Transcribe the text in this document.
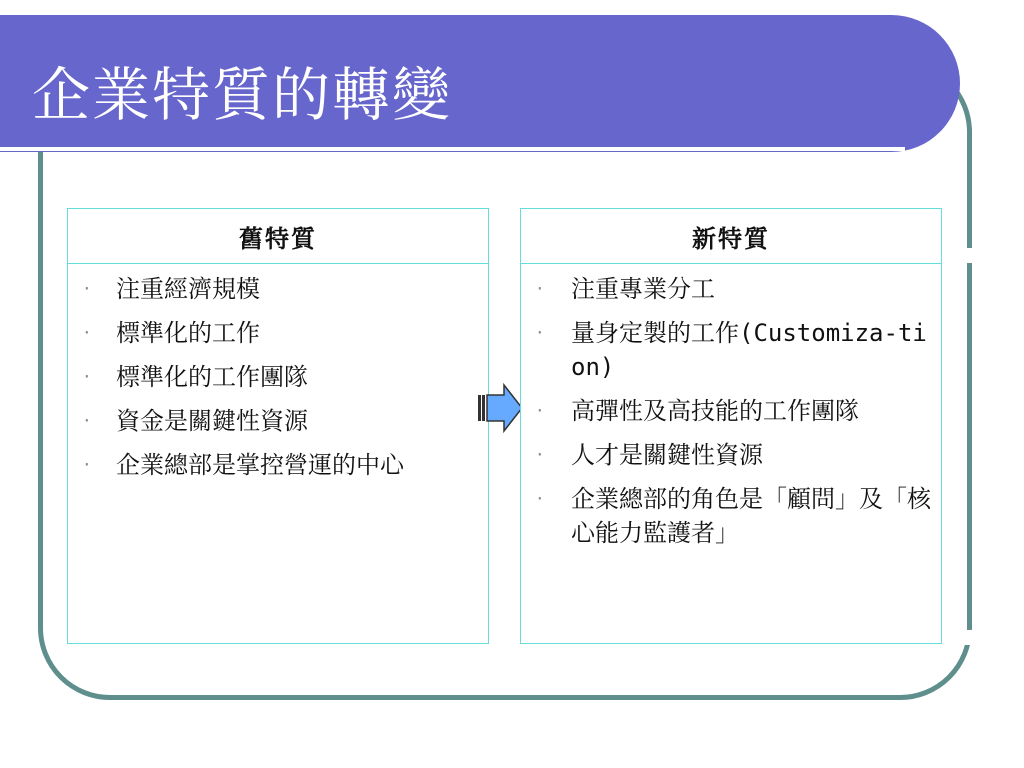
企業特質的轉變
舊特質
· 注重經濟規模
· 標準化的工作
· 標準化的工作團隊
· 資金是關鍵性資源
· 企業總部是掌控營運的中心
新特質
· 注重專業分工
· 量身定製的工作(Customiza-tion)
· 高彈性及高技能的工作團隊
· 人才是關鍵性資源
· 企業總部的角色是「顧問」及「核心能力監護者」
